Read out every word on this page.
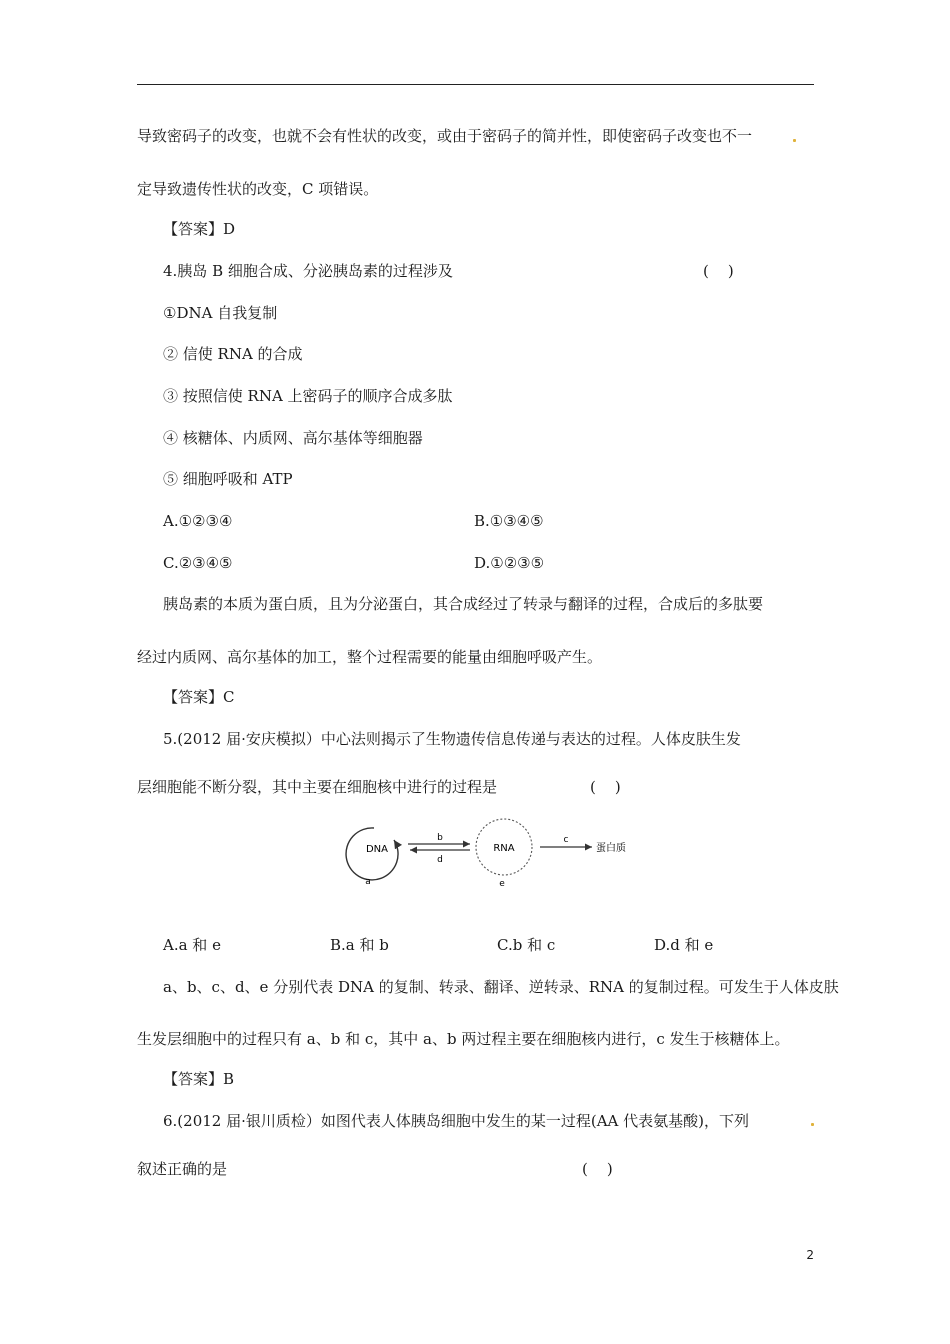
导致密码子的改变，也就不会有性状的改变，或由于密码子的简并性，即使密码子改变也不一
定导致遗传性状的改变，C 项错误。
【答案】D
4.胰岛 B 细胞合成、分泌胰岛素的过程涉及	(    )
①DNA 自我复制
② 信使 RNA 的合成
③ 按照信使 RNA 上密码子的顺序合成多肽
④ 核糖体、内质网、高尔基体等细胞器
⑤ 细胞呼吸和 ATP
A.①②③④	B.①③④⑤
C.②③④⑤	D.①②③⑤
胰岛素的本质为蛋白质，且为分泌蛋白，其合成经过了转录与翻译的过程，合成后的多肽要
经过内质网、高尔基体的加工，整个过程需要的能量由细胞呼吸产生。
【答案】C
5.(2012 届·安庆模拟）中心法则揭示了生物遗传信息传递与表达的过程。人体皮肤生发
层细胞能不断分裂，其中主要在细胞核中进行的过程是	(    )
DNA
a
b
d
RNA
e
c
蛋白质
A.a 和 e	B.a 和 b	C.b 和 c	D.d 和 e
a、b、c、d、e 分别代表 DNA 的复制、转录、翻译、逆转录、RNA 的复制过程。可发生于人体皮肤
生发层细胞中的过程只有 a、b 和 c，其中 a、b 两过程主要在细胞核内进行，c 发生于核糖体上。
【答案】B
6.(2012 届·银川质检）如图代表人体胰岛细胞中发生的某一过程(AA 代表氨基酸)，下列
叙述正确的是	(    )
2
